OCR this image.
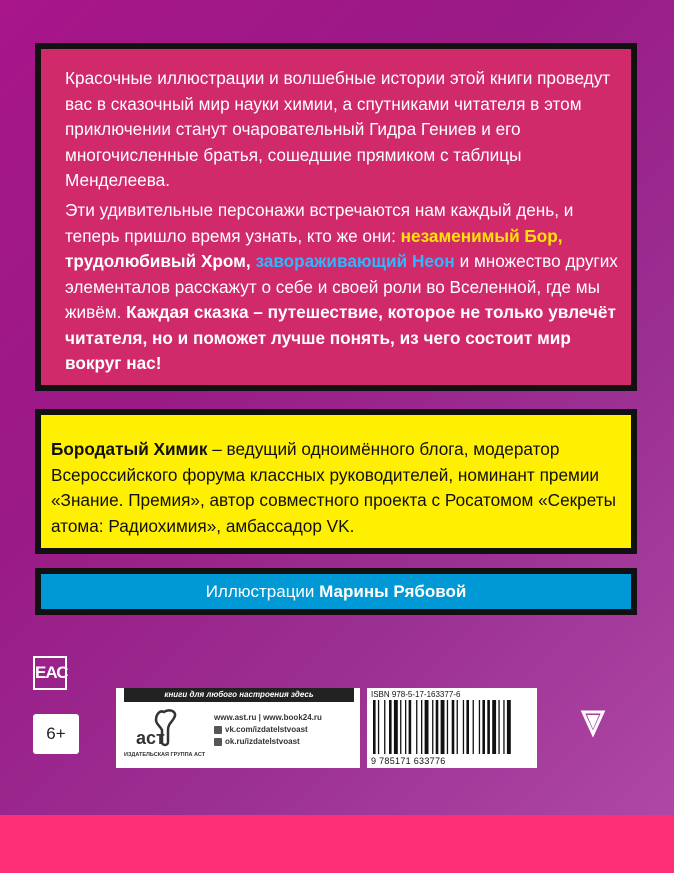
Красочные иллюстрации и волшебные истории этой книги проведут вас в сказочный мир науки химии, а спутниками читателя в этом приключении станут очаровательный Гидра Гениев и его многочисленные братья, сошедшие прямиком с таблицы Менделеева.
Эти удивительные персонажи встречаются нам каждый день, и теперь пришло время узнать, кто же они: незаменимый Бор, трудолюбивый Хром, завораживающий Неон и множество других элементалов расскажут о себе и своей роли во Вселенной, где мы живём. Каждая сказка – путешествие, которое не только увлечёт читателя, но и поможет лучше понять, из чего состоит мир вокруг нас!
Бородатый Химик – ведущий одноимённого блога, модератор Всероссийского форума классных руководителей, номинант премии «Знание. Премия», автор совместного проекта с Росатомом «Секреты атома: Радиохимия», амбассадор VK.
Иллюстрации Марины Рябовой
ЕАС
6+
книги для любого настроения здесь
аст
ИЗДАТЕЛЬСКАЯ ГРУППА АСТ
www.ast.ru | www.book24.ru
vk.com/izdatelstvoast
ok.ru/izdatelstvoast
ISBN 978-5-17-163377-6
9 785171 633776
